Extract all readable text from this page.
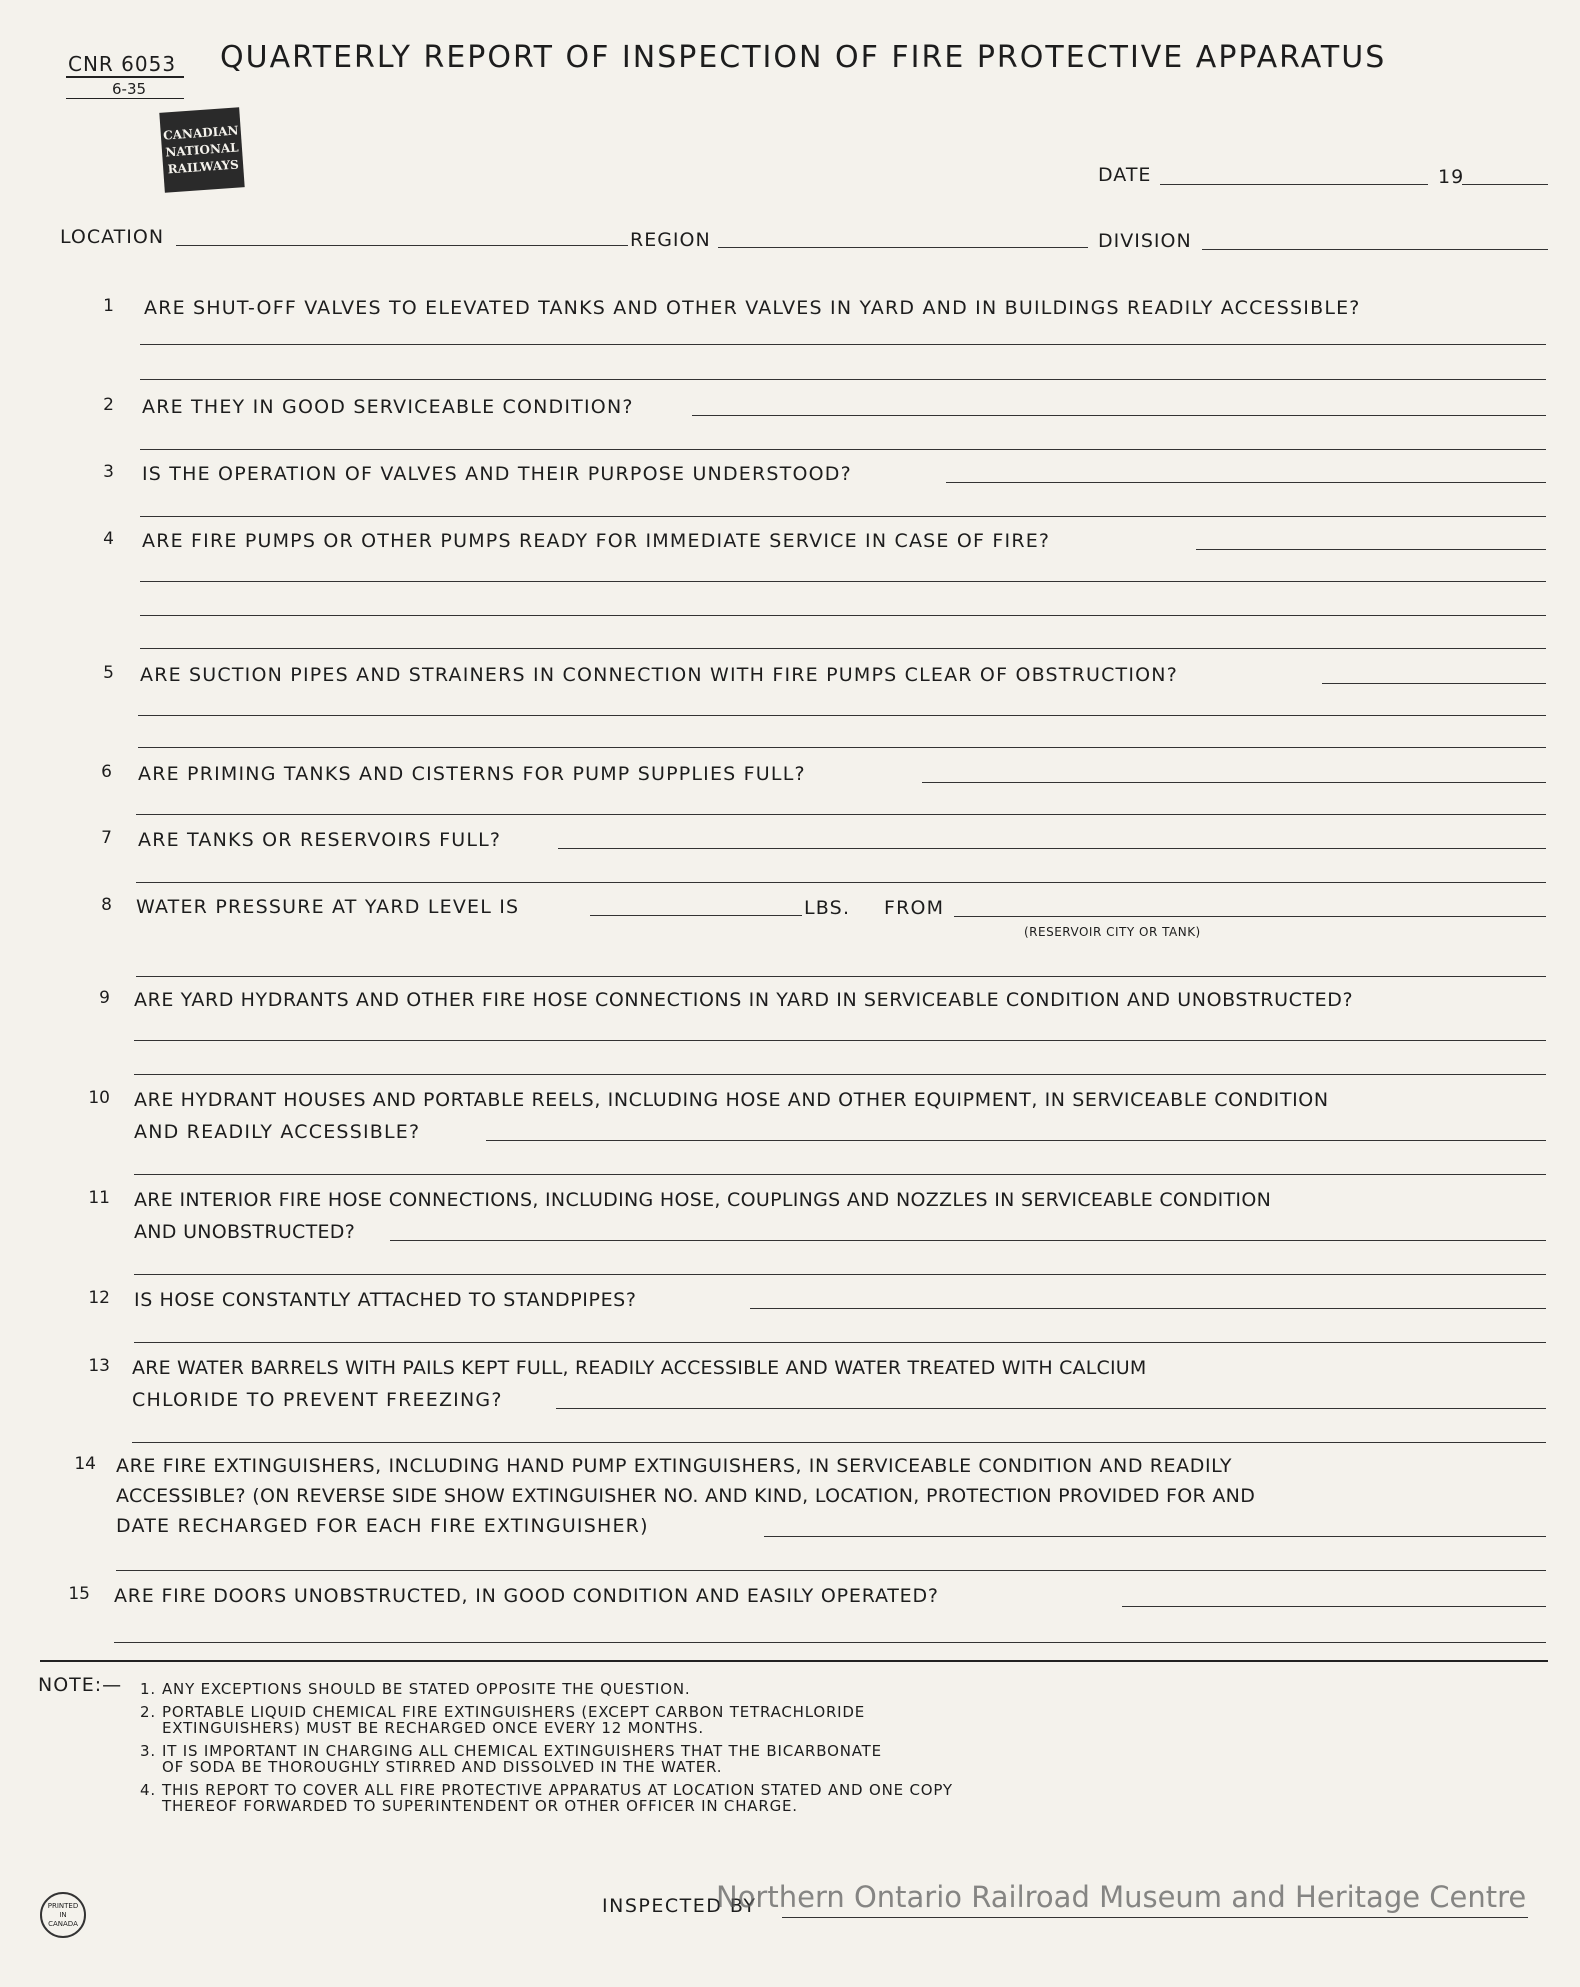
CNR 6053
6-35
QUARTERLY REPORT OF INSPECTION OF FIRE PROTECTIVE APPARATUS
CANADIAN
NATIONAL
RAILWAYS	DATE	19
LOCATION	REGION	DIVISION
1 ARE SHUT-OFF VALVES TO ELEVATED TANKS AND OTHER VALVES IN YARD AND IN BUILDINGS READILY ACCESSIBLE?
2 ARE THEY IN GOOD SERVICEABLE CONDITION?
3 IS THE OPERATION OF VALVES AND THEIR PURPOSE UNDERSTOOD?
4 ARE FIRE PUMPS OR OTHER PUMPS READY FOR IMMEDIATE SERVICE IN CASE OF FIRE?
5 ARE SUCTION PIPES AND STRAINERS IN CONNECTION WITH FIRE PUMPS CLEAR OF OBSTRUCTION?
6 ARE PRIMING TANKS AND CISTERNS FOR PUMP SUPPLIES FULL?
7 ARE TANKS OR RESERVOIRS FULL?
8 WATER PRESSURE AT YARD LEVEL IS	LBS. FROM
(RESERVOIR CITY OR TANK)
9 ARE YARD HYDRANTS AND OTHER FIRE HOSE CONNECTIONS IN YARD IN SERVICEABLE CONDITION AND UNOBSTRUCTED?
10 ARE HYDRANT HOUSES AND PORTABLE REELS, INCLUDING HOSE AND OTHER EQUIPMENT, IN SERVICEABLE CONDITION
AND READILY ACCESSIBLE?
11 ARE INTERIOR FIRE HOSE CONNECTIONS, INCLUDING HOSE, COUPLINGS AND NOZZLES IN SERVICEABLE CONDITION
AND UNOBSTRUCTED?
12 IS HOSE CONSTANTLY ATTACHED TO STANDPIPES?
13 ARE WATER BARRELS WITH PAILS KEPT FULL, READILY ACCESSIBLE AND WATER TREATED WITH CALCIUM
CHLORIDE TO PREVENT FREEZING?
14 ARE FIRE EXTINGUISHERS, INCLUDING HAND PUMP EXTINGUISHERS, IN SERVICEABLE CONDITION AND READILY
ACCESSIBLE? (ON REVERSE SIDE SHOW EXTINGUISHER NO. AND KIND, LOCATION, PROTECTION PROVIDED FOR AND
DATE RECHARGED FOR EACH FIRE EXTINGUISHER)
15 ARE FIRE DOORS UNOBSTRUCTED, IN GOOD CONDITION AND EASILY OPERATED?
NOTE:— 1. ANY EXCEPTIONS SHOULD BE STATED OPPOSITE THE QUESTION.
2. PORTABLE LIQUID CHEMICAL FIRE EXTINGUISHERS (EXCEPT CARBON TETRACHLORIDE
EXTINGUISHERS) MUST BE RECHARGED ONCE EVERY 12 MONTHS.
3. IT IS IMPORTANT IN CHARGING ALL CHEMICAL EXTINGUISHERS THAT THE BICARBONATE
OF SODA BE THOROUGHLY STIRRED AND DISSOLVED IN THE WATER.
4. THIS REPORT TO COVER ALL FIRE PROTECTIVE APPARATUS AT LOCATION STATED AND ONE COPY
THEREOF FORWARDED TO SUPERINTENDENT OR OTHER OFFICER IN CHARGE.
PRINTED
IN
CANADA
INSPECTED BY
Northern Ontario Railroad Museum and Heritage Centre
